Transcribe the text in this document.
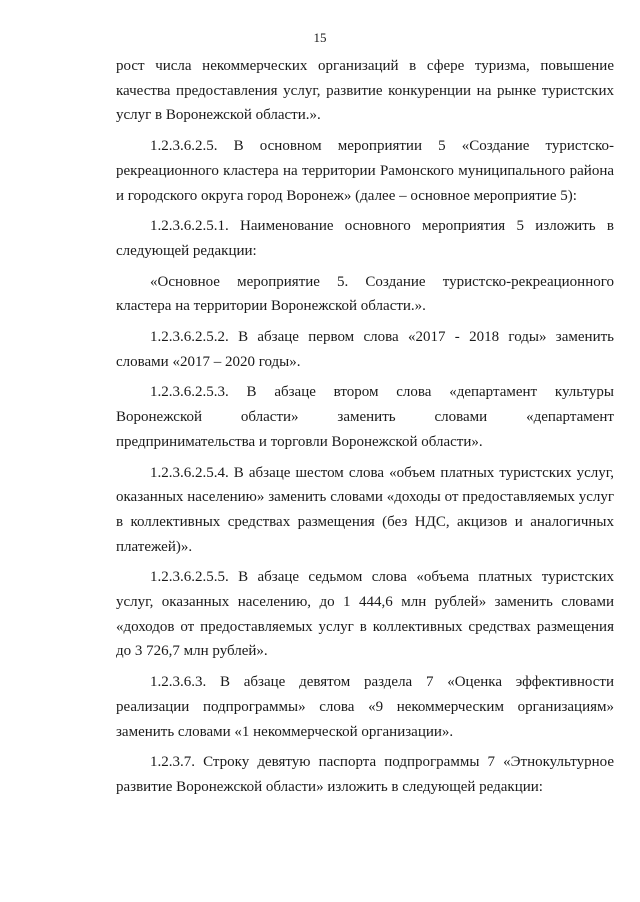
15

рост числа некоммерческих организаций в сфере туризма, повышение качества предоставления услуг, развитие конкуренции на рынке туристских услуг в Воронежской области.».

1.2.3.6.2.5. В основном мероприятии 5 «Создание туристско-рекреационного кластера на территории Рамонского муниципального района и городского округа город Воронеж» (далее – основное мероприятие 5):

1.2.3.6.2.5.1. Наименование основного мероприятия 5 изложить в следующей редакции:

«Основное мероприятие 5. Создание туристско-рекреационного кластера на территории Воронежской области.».

1.2.3.6.2.5.2. В абзаце первом слова «2017 - 2018 годы» заменить словами «2017 – 2020 годы».

1.2.3.6.2.5.3. В абзаце втором слова «департамент культуры Воронежской области» заменить словами «департамент предпринимательства и торговли Воронежской области».

1.2.3.6.2.5.4. В абзаце шестом слова «объем платных туристских услуг, оказанных населению» заменить словами «доходы от предоставляемых услуг в коллективных средствах размещения (без НДС, акцизов и аналогичных платежей)».

1.2.3.6.2.5.5. В абзаце седьмом слова «объема платных туристских услуг, оказанных населению, до 1 444,6 млн рублей» заменить словами «доходов от предоставляемых услуг в коллективных средствах размещения до 3 726,7 млн рублей».

1.2.3.6.3. В абзаце девятом раздела 7 «Оценка эффективности реализации подпрограммы» слова «9 некоммерческим организациям» заменить словами «1 некоммерческой организации».

1.2.3.7. Строку девятую паспорта подпрограммы 7 «Этнокультурное развитие Воронежской области» изложить в следующей редакции:
